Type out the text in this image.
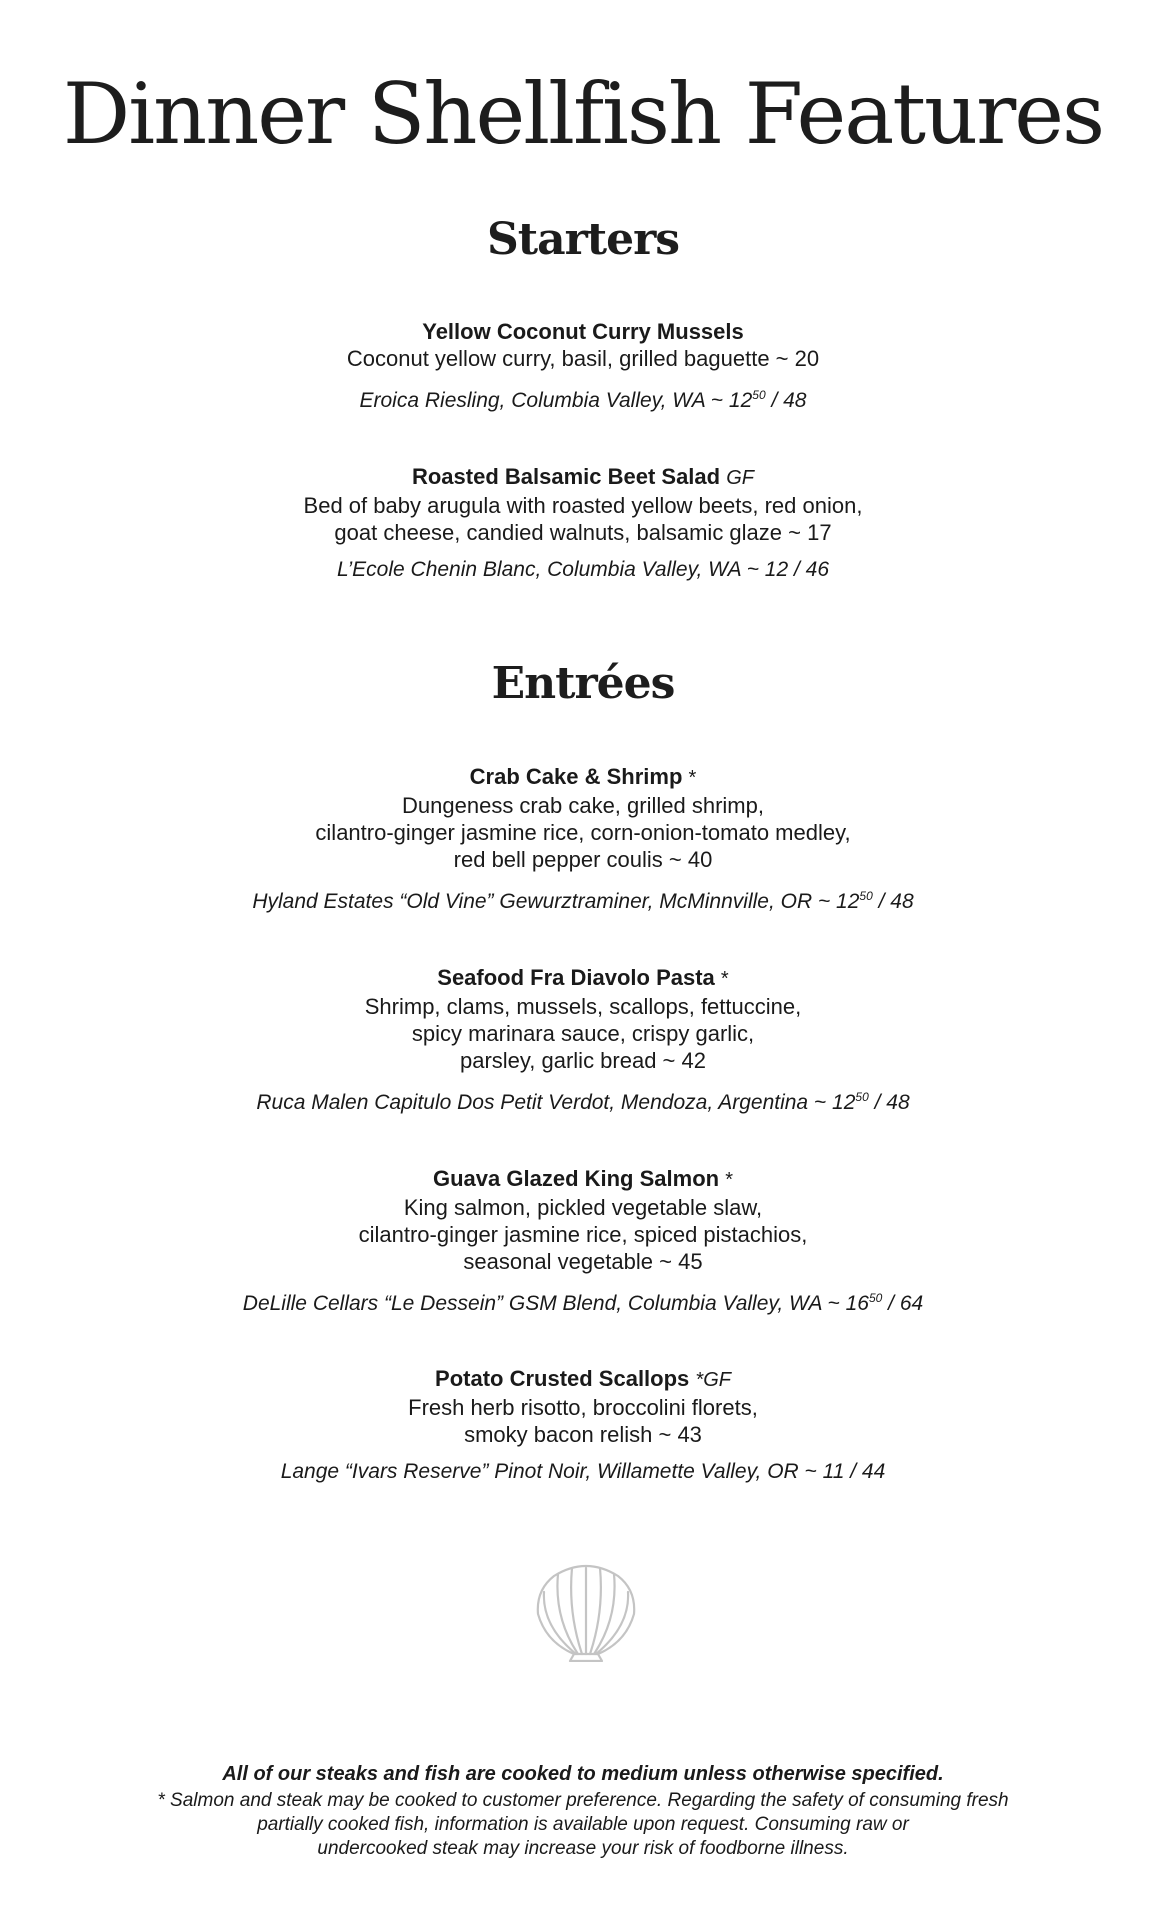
Dinner Shellfish Features
Starters
Yellow Coconut Curry Mussels
Coconut yellow curry, basil, grilled baguette ~ 20
Eroica Riesling, Columbia Valley, WA ~ $12^{50} / 48$
Roasted Balsamic Beet Salad GF
Bed of baby arugula with roasted yellow beets, red onion,
goat cheese, candied walnuts, balsamic glaze ~ 17
L’Ecole Chenin Blanc, Columbia Valley, WA ~ 12 / 46
Entrées
Crab Cake & Shrimp *
Dungeness crab cake, grilled shrimp,
cilantro-ginger jasmine rice, corn-onion-tomato medley,
red bell pepper coulis ~ 40
Hyland Estates “Old Vine” Gewurztraminer, McMinnville, OR ~ $12^{50} / 48$
Seafood Fra Diavolo Pasta *
Shrimp, clams, mussels, scallops, fettuccine,
spicy marinara sauce, crispy garlic,
parsley, garlic bread ~ 42
Ruca Malen Capitulo Dos Petit Verdot, Mendoza, Argentina ~ $12^{50} / 48$
Guava Glazed King Salmon *
King salmon, pickled vegetable slaw,
cilantro-ginger jasmine rice, spiced pistachios,
seasonal vegetable ~ 45
DeLille Cellars “Le Dessein” GSM Blend, Columbia Valley, WA ~ $16^{50} / 64$
Potato Crusted Scallops *GF
Fresh herb risotto, broccolini florets,
smoky bacon relish ~ 43
Lange “Ivars Reserve” Pinot Noir, Willamette Valley, OR ~ 11 / 44
All of our steaks and fish are cooked to medium unless otherwise specified.
* Salmon and steak may be cooked to customer preference. Regarding the safety of consuming fresh
partially cooked fish, information is available upon request. Consuming raw or
undercooked steak may increase your risk of foodborne illness.
